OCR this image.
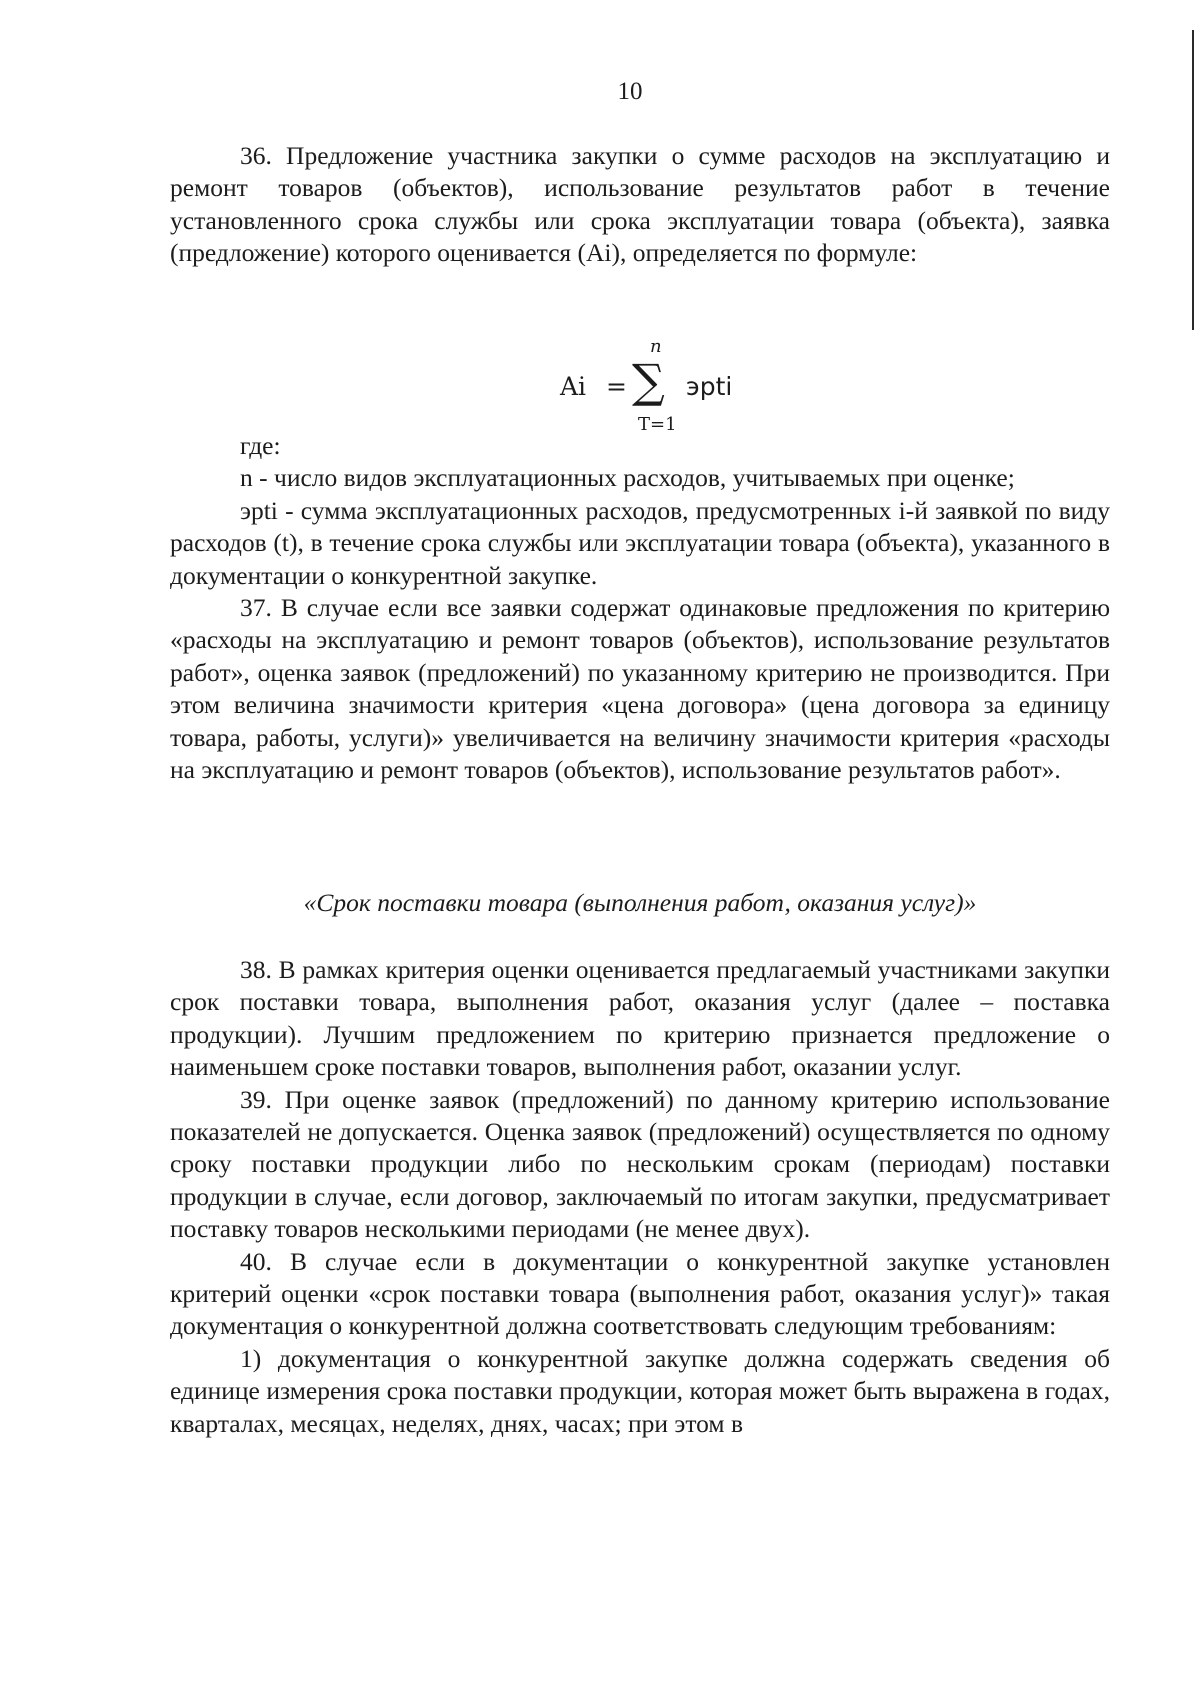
10

36. Предложение участника закупки о сумме расходов на эксплуатацию и ремонт товаров (объектов), использование результатов работ в течение установленного срока службы или срока эксплуатации товара (объекта), заявка (предложение) которого оценивается (Ai), определяется по формуле:

Ai =
n
∑
T=1
эpti

где:

n - число видов эксплуатационных расходов, учитываемых при оценке;

эpti - сумма эксплуатационных расходов, предусмотренных i-й заявкой по виду расходов (t), в течение срока службы или эксплуатации товара (объекта), указанного в документации о конкурентной закупке.

37. В случае если все заявки содержат одинаковые предложения по критерию «расходы на эксплуатацию и ремонт товаров (объектов), использование результатов работ», оценка заявок (предложений) по указанному критерию не производится. При этом величина значимости критерия «цена договора» (цена договора за единицу товара, работы, услуги)» увеличивается на величину значимости критерия «расходы на эксплуатацию и ремонт товаров (объектов), использование результатов работ».

«Срок поставки товара (выполнения работ, оказания услуг)»

38. В рамках критерия оценки оценивается предлагаемый участниками закупки срок поставки товара, выполнения работ, оказания услуг (далее – поставка продукции). Лучшим предложением по критерию признается предложение о наименьшем сроке поставки товаров, выполнения работ, оказании услуг.

39. При оценке заявок (предложений) по данному критерию использование показателей не допускается. Оценка заявок (предложений) осуществляется по одному сроку поставки продукции либо по нескольким срокам (периодам) поставки продукции в случае, если договор, заключаемый по итогам закупки, предусматривает поставку товаров несколькими периодами (не менее двух).

40. В случае если в документации о конкурентной закупке установлен критерий оценки «срок поставки товара (выполнения работ, оказания услуг)» такая документация о конкурентной должна соответствовать следующим требованиям:

1) документация о конкурентной закупке должна содержать сведения об единице измерения срока поставки продукции, которая может быть выражена в годах, кварталах, месяцах, неделях, днях, часах; при этом в
